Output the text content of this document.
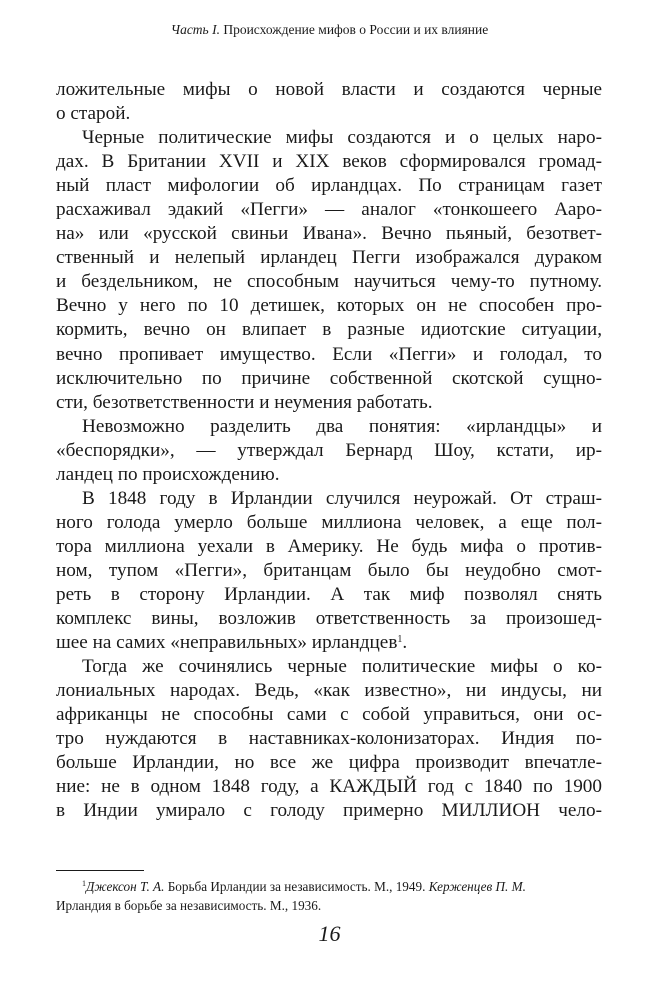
Часть I. Происхождение мифов о России и их влияние
ложительные мифы о новой власти и создаются черные
о старой.
Черные политические мифы создаются и о целых наро-
дах. В Британии XVII и XIX веков сформировался громад-
ный пласт мифологии об ирландцах. По страницам газет
расхаживал эдакий «Пегги» — аналог «тонкошеего Ааро-
на» или «русской свиньи Ивана». Вечно пьяный, безответ-
ственный и нелепый ирландец Пегги изображался дураком
и бездельником, не способным научиться чему-то путному.
Вечно у него по 10 детишек, которых он не способен про-
кормить, вечно он влипает в разные идиотские ситуации,
вечно пропивает имущество. Если «Пегги» и голодал, то
исключительно по причине собственной скотской сущно-
сти, безответственности и неумения работать.
Невозможно разделить два понятия: «ирландцы» и
«беспорядки», — утверждал Бернард Шоу, кстати, ир-
ландец по происхождению.
В 1848 году в Ирландии случился неурожай. От страш-
ного голода умерло больше миллиона человек, а еще пол-
тора миллиона уехали в Америку. Не будь мифа о против-
ном, тупом «Пегги», британцам было бы неудобно смот-
реть в сторону Ирландии. А так миф позволял снять
комплекс вины, возложив ответственность за произошед-
шее на самих «неправильных» ирландцев$^1$.
Тогда же сочинялись черные политические мифы о ко-
лониальных народах. Ведь, «как известно», ни индусы, ни
африканцы не способны сами с собой управиться, они ос-
тро нуждаются в наставниках-колонизаторах. Индия по-
больше Ирландии, но все же цифра производит впечатле-
ние: не в одном 1848 году, а КАЖДЫЙ год с 1840 по 1900
в Индии умирало с голоду примерно МИЛЛИОН чело-
$^1$Джексон Т. А. Борьба Ирландии за независимость. М., 1949. Керженцев П. М.
Ирландия в борьбе за независимость. М., 1936.
16
